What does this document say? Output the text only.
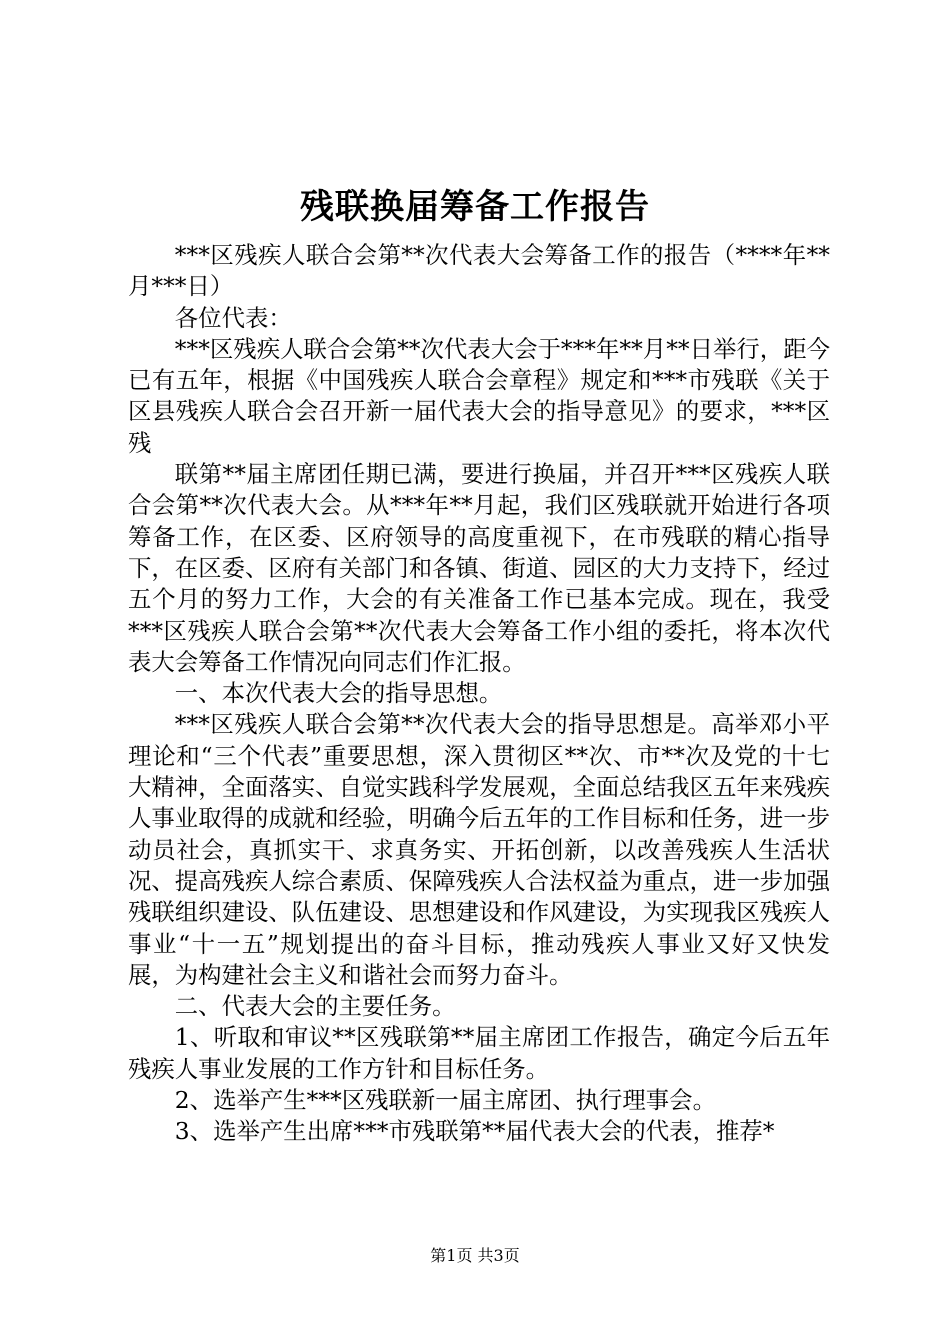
残联换届筹备工作报告

***区残疾人联合会第**次代表大会筹备工作的报告（****年**月***日）

各位代表：

***区残疾人联合会第**次代表大会于***年**月**日举行，距今已有五年，根据《中国残疾人联合会章程》规定和***市残联《关于区县残疾人联合会召开新一届代表大会的指导意见》的要求，***区残

联第**届主席团任期已满，要进行换届，并召开***区残疾人联合会第**次代表大会。从***年**月起，我们区残联就开始进行各项筹备工作，在区委、区府领导的高度重视下，在市残联的精心指导下，在区委、区府有关部门和各镇、街道、园区的大力支持下，经过五个月的努力工作，大会的有关准备工作已基本完成。现在，我受***区残疾人联合会第**次代表大会筹备工作小组的委托，将本次代表大会筹备工作情况向同志们作汇报。

一、本次代表大会的指导思想。

***区残疾人联合会第**次代表大会的指导思想是。高举邓小平理论和“三个代表”重要思想，深入贯彻区**次、市**次及党的十七大精神，全面落实、自觉实践科学发展观，全面总结我区五年来残疾人事业取得的成就和经验，明确今后五年的工作目标和任务，进一步动员社会，真抓实干、求真务实、开拓创新，以改善残疾人生活状况、提高残疾人综合素质、保障残疾人合法权益为重点，进一步加强残联组织建设、队伍建设、思想建设和作风建设，为实现我区残疾人事业“十一五”规划提出的奋斗目标，推动残疾人事业又好又快发展，为构建社会主义和谐社会而努力奋斗。

二、代表大会的主要任务。

1、听取和审议**区残联第**届主席团工作报告，确定今后五年残疾人事业发展的工作方针和目标任务。

2、选举产生***区残联新一届主席团、执行理事会。

3、选举产生出席***市残联第**届代表大会的代表，推荐*

第1页 共3页
